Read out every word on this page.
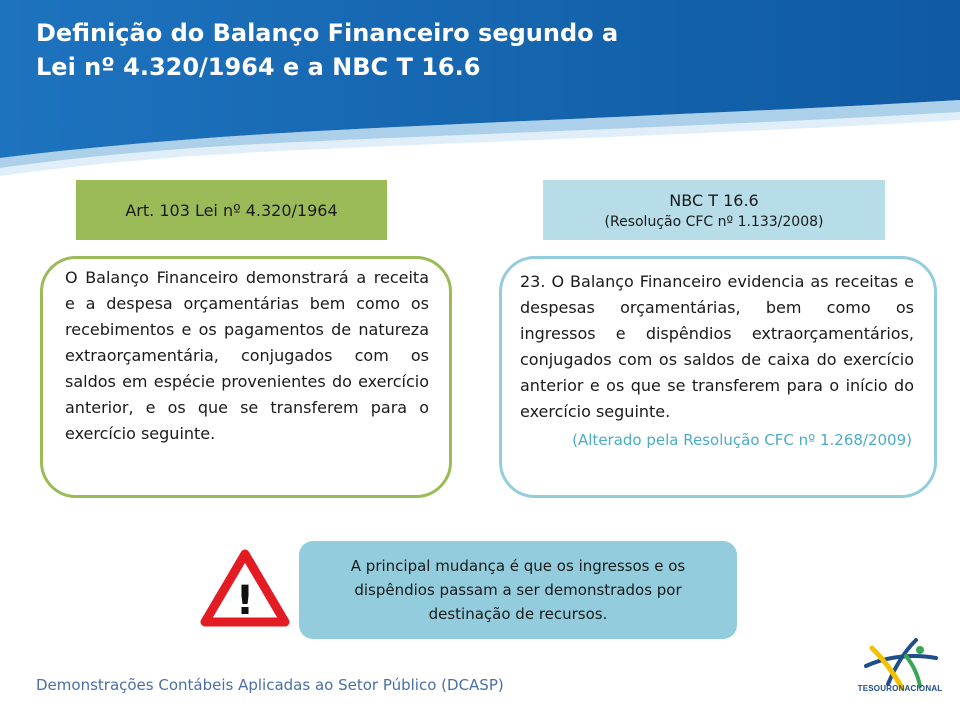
Definição do Balanço Financeiro segundo a
Lei nº 4.320/1964 e a NBC T 16.6
Art. 103 Lei nº 4.320/1964
NBC T 16.6
(Resolução CFC nº 1.133/2008)

O Balanço Financeiro demonstrará a receita e a despesa orçamentárias bem como os recebimentos e os pagamentos de natureza extraorçamentária, conjugados com os saldos em espécie provenientes do exercício anterior, e os que se transferem para o exercício seguinte.

23. O Balanço Financeiro evidencia as receitas e despesas orçamentárias, bem como os ingressos e dispêndios extraorçamentários, conjugados com os saldos de caixa do exercício anterior e os que se transferem para o início do exercício seguinte.

(Alterado pela Resolução CFC nº 1.268/2009)
!
A principal mudança é que os ingressos e os dispêndios passam a ser demonstrados por destinação de recursos.
Demonstrações Contábeis Aplicadas ao Setor Público (DCASP)	TESOURONACIONAL
